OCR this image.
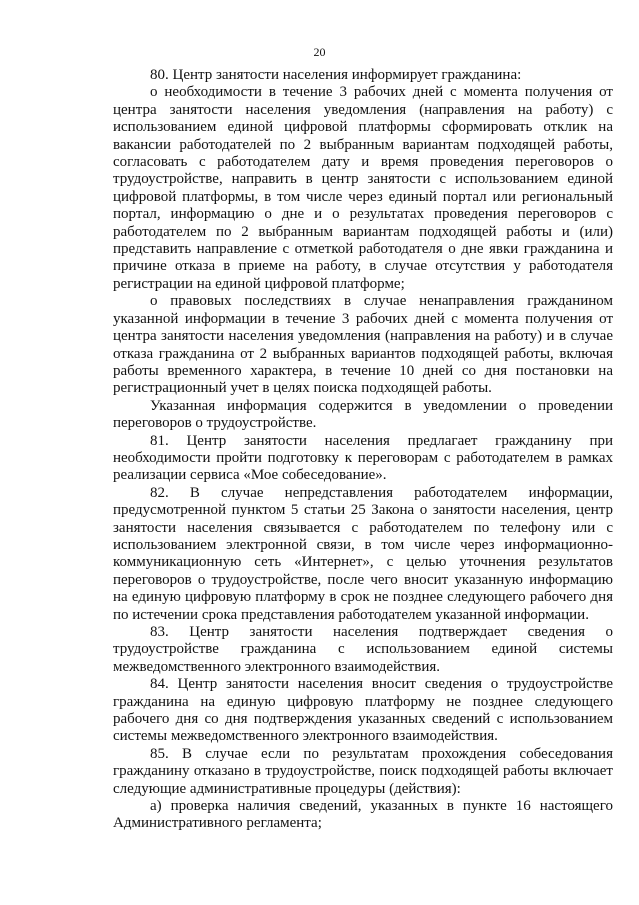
20

80. Центр занятости населения информирует гражданина:

о необходимости в течение 3 рабочих дней с момента получения от центра занятости населения уведомления (направления на работу) с использованием единой цифровой платформы сформировать отклик на вакансии работодателей по 2 выбранным вариантам подходящей работы, согласовать с работодателем дату и время проведения переговоров о трудоустройстве, направить в центр занятости с использованием единой цифровой платформы, в том числе через единый портал или региональный портал, информацию о дне и о результатах проведения переговоров с работодателем по 2 выбранным вариантам подходящей работы и (или) представить направление с отметкой работодателя о дне явки гражданина и причине отказа в приеме на работу, в случае отсутствия у работодателя регистрации на единой цифровой платформе;

о правовых последствиях в случае ненаправления гражданином указанной информации в течение 3 рабочих дней с момента получения от центра занятости населения уведомления (направления на работу) и в случае отказа гражданина от 2 выбранных вариантов подходящей работы, включая работы временного характера, в течение 10 дней со дня постановки на регистрационный учет в целях поиска подходящей работы.

Указанная информация содержится в уведомлении о проведении переговоров о трудоустройстве.

81. Центр занятости населения предлагает гражданину при необходимости пройти подготовку к переговорам с работодателем в рамках реализации сервиса «Мое собеседование».

82. В случае непредставления работодателем информации, предусмотренной пунктом 5 статьи 25 Закона о занятости населения, центр занятости населения связывается с работодателем по телефону или с использованием электронной связи, в том числе через информационно-коммуникационную сеть «Интернет», с целью уточнения результатов переговоров о трудоустройстве, после чего вносит указанную информацию на единую цифровую платформу в срок не позднее следующего рабочего дня по истечении срока представления работодателем указанной информации.

83. Центр занятости населения подтверждает сведения о трудоустройстве гражданина с использованием единой системы межведомственного электронного взаимодействия.

84. Центр занятости населения вносит сведения о трудоустройстве гражданина на единую цифровую платформу не позднее следующего рабочего дня со дня подтверждения указанных сведений с использованием системы межведомственного электронного взаимодействия.

85. В случае если по результатам прохождения собеседования гражданину отказано в трудоустройстве, поиск подходящей работы включает следующие административные процедуры (действия):

а) проверка наличия сведений, указанных в пункте 16 настоящего Административного регламента;
